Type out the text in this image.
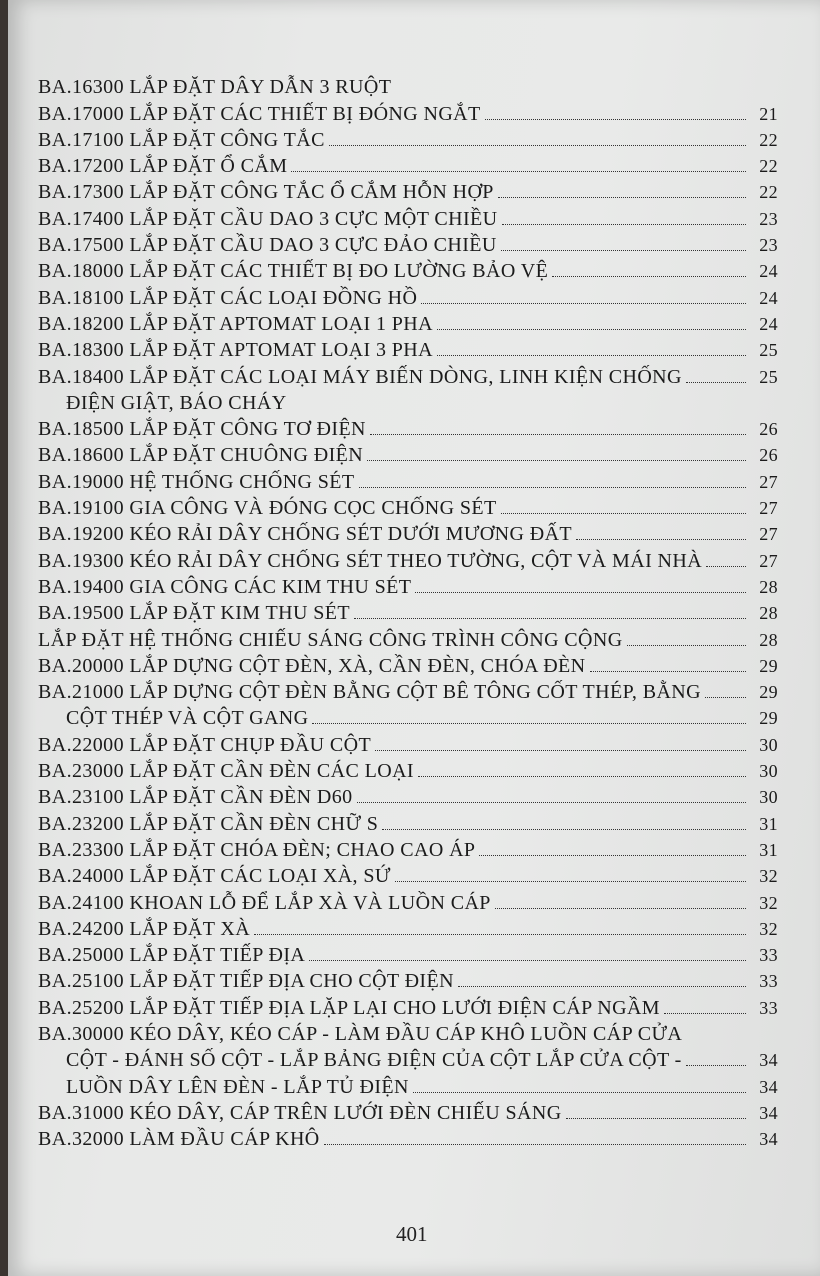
BA.16300 LẮP ĐẶT DÂY DẪN 3 RUỘT
BA.17000 LẮP ĐẶT CÁC THIẾT BỊ ĐÓNG NGẮT	21
BA.17100 LẮP ĐẶT CÔNG TẮC	22
BA.17200 LẮP ĐẶT Ổ CẮM	22
BA.17300 LẮP ĐẶT CÔNG TẮC Ổ CẮM HỖN HỢP	22
BA.17400 LẮP ĐẶT CẦU DAO 3 CỰC MỘT CHIỀU	23
BA.17500 LẮP ĐẶT CẦU DAO 3 CỰC ĐẢO CHIỀU	23
BA.18000 LẮP ĐẶT CÁC THIẾT BỊ ĐO LƯỜNG BẢO VỆ	24
BA.18100 LẮP ĐẶT CÁC LOẠI ĐỒNG HỒ	24
BA.18200 LẮP ĐẶT APTOMAT LOẠI 1 PHA	24
BA.18300 LẮP ĐẶT APTOMAT LOẠI 3 PHA	25
BA.18400 LẮP ĐẶT CÁC LOẠI MÁY BIẾN DÒNG, LINH KIỆN CHỐNG	25
ĐIỆN GIẬT, BÁO CHÁY
BA.18500 LẮP ĐẶT CÔNG TƠ ĐIỆN	26
BA.18600 LẮP ĐẶT CHUÔNG ĐIỆN	26
BA.19000 HỆ THỐNG CHỐNG SÉT	27
BA.19100 GIA CÔNG VÀ ĐÓNG CỌC CHỐNG SÉT	27
BA.19200 KÉO RẢI DÂY CHỐNG SÉT DƯỚI MƯƠNG ĐẤT	27
BA.19300 KÉO RẢI DÂY CHỐNG SÉT THEO TƯỜNG, CỘT VÀ MÁI NHÀ	27
BA.19400 GIA CÔNG CÁC KIM THU SÉT	28
BA.19500 LẮP ĐẶT KIM THU SÉT	28
LẮP ĐẶT HỆ THỐNG CHIẾU SÁNG CÔNG TRÌNH CÔNG CỘNG	28
BA.20000 LẮP DỰNG CỘT ĐÈN, XÀ, CẦN ĐÈN, CHÓA ĐÈN	29
BA.21000 LẮP DỰNG CỘT ĐÈN BẰNG CỘT BÊ TÔNG CỐT THÉP, BẰNG	29
CỘT THÉP VÀ CỘT GANG	29
BA.22000 LẮP ĐẶT CHỤP ĐẦU CỘT	30
BA.23000 LẮP ĐẶT CẦN ĐÈN CÁC LOẠI	30
BA.23100 LẮP ĐẶT CẦN ĐÈN D60	30
BA.23200 LẮP ĐẶT CẦN ĐÈN CHỮ S	31
BA.23300 LẮP ĐẶT CHÓA ĐÈN; CHAO CAO ÁP	31
BA.24000 LẮP ĐẶT CÁC LOẠI XÀ, SỨ	32
BA.24100 KHOAN LỖ ĐỂ LẮP XÀ VÀ LUỒN CÁP	32
BA.24200 LẮP ĐẶT XÀ	32
BA.25000 LẮP ĐẶT TIẾP ĐỊA	33
BA.25100 LẮP ĐẶT TIẾP ĐỊA CHO CỘT ĐIỆN	33
BA.25200 LẮP ĐẶT TIẾP ĐỊA LẶP LẠI CHO LƯỚI ĐIỆN CÁP NGẦM	33
BA.30000 KÉO DÂY, KÉO CÁP - LÀM ĐẦU CÁP KHÔ LUỒN CÁP CỬA
CỘT - ĐÁNH SỐ CỘT - LẮP BẢNG ĐIỆN CỦA CỘT LẮP CỬA CỘT -	34
LUỒN DÂY LÊN ĐÈN - LẮP TỦ ĐIỆN	34
BA.31000 KÉO DÂY, CÁP TRÊN LƯỚI ĐÈN CHIẾU SÁNG	34
BA.32000 LÀM ĐẦU CÁP KHÔ	34
401
